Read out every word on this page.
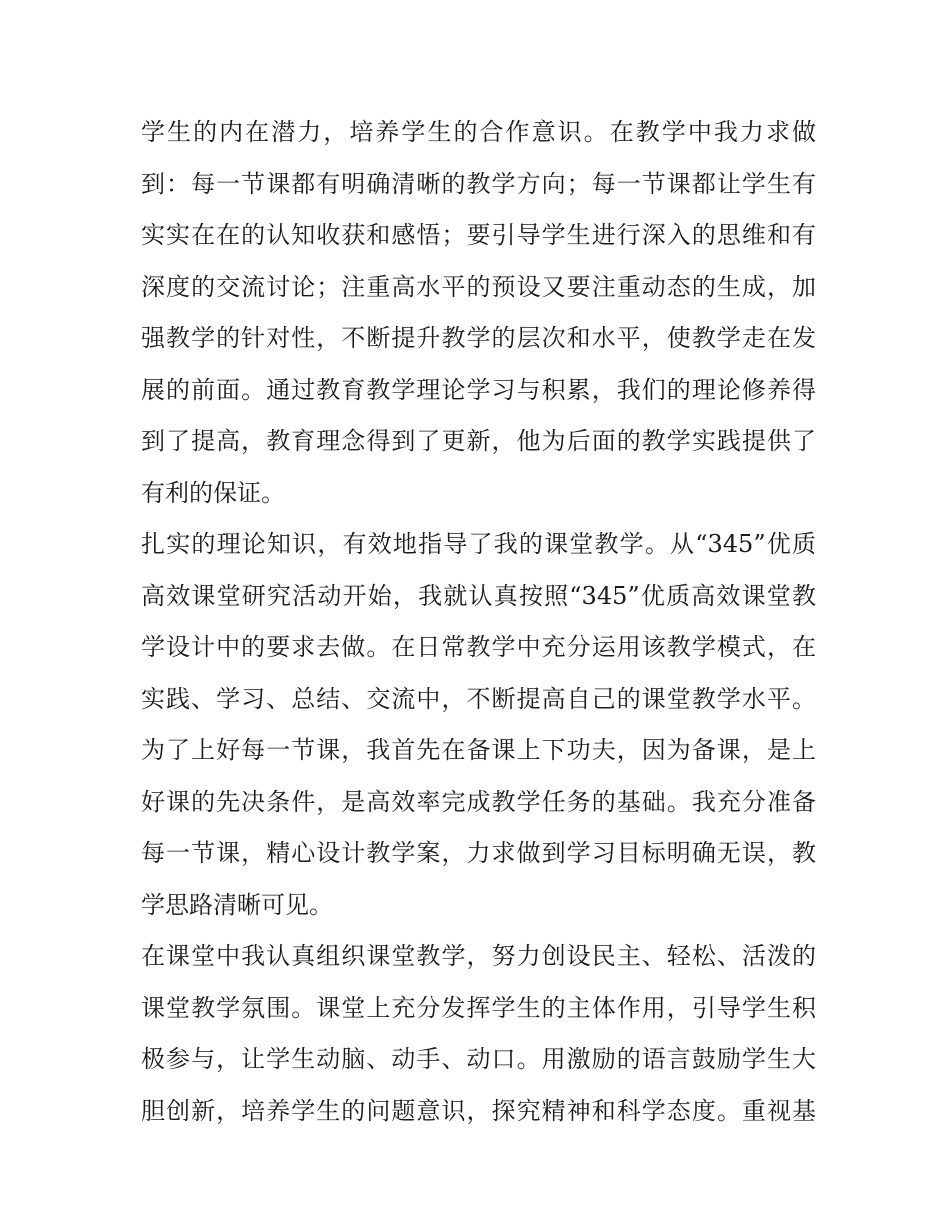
学生的内在潜力，培养学生的合作意识。在教学中我力求做
到：每一节课都有明确清晰的教学方向；每一节课都让学生有
实实在在的认知收获和感悟；要引导学生进行深入的思维和有
深度的交流讨论；注重高水平的预设又要注重动态的生成，加
强教学的针对性，不断提升教学的层次和水平，使教学走在发
展的前面。通过教育教学理论学习与积累，我们的理论修养得
到了提高，教育理念得到了更新，他为后面的教学实践提供了
有利的保证。
扎实的理论知识，有效地指导了我的课堂教学。从“345”优质
高效课堂研究活动开始，我就认真按照“345”优质高效课堂教
学设计中的要求去做。在日常教学中充分运用该教学模式，在
实践、学习、总结、交流中，不断提高自己的课堂教学水平。
为了上好每一节课，我首先在备课上下功夫，因为备课，是上
好课的先决条件，是高效率完成教学任务的基础。我充分准备
每一节课，精心设计教学案，力求做到学习目标明确无误，教
学思路清晰可见。
在课堂中我认真组织课堂教学，努力创设民主、轻松、活泼的
课堂教学氛围。课堂上充分发挥学生的主体作用，引导学生积
极参与，让学生动脑、动手、动口。用激励的语言鼓励学生大
胆创新，培养学生的问题意识，探究精神和科学态度。重视基
